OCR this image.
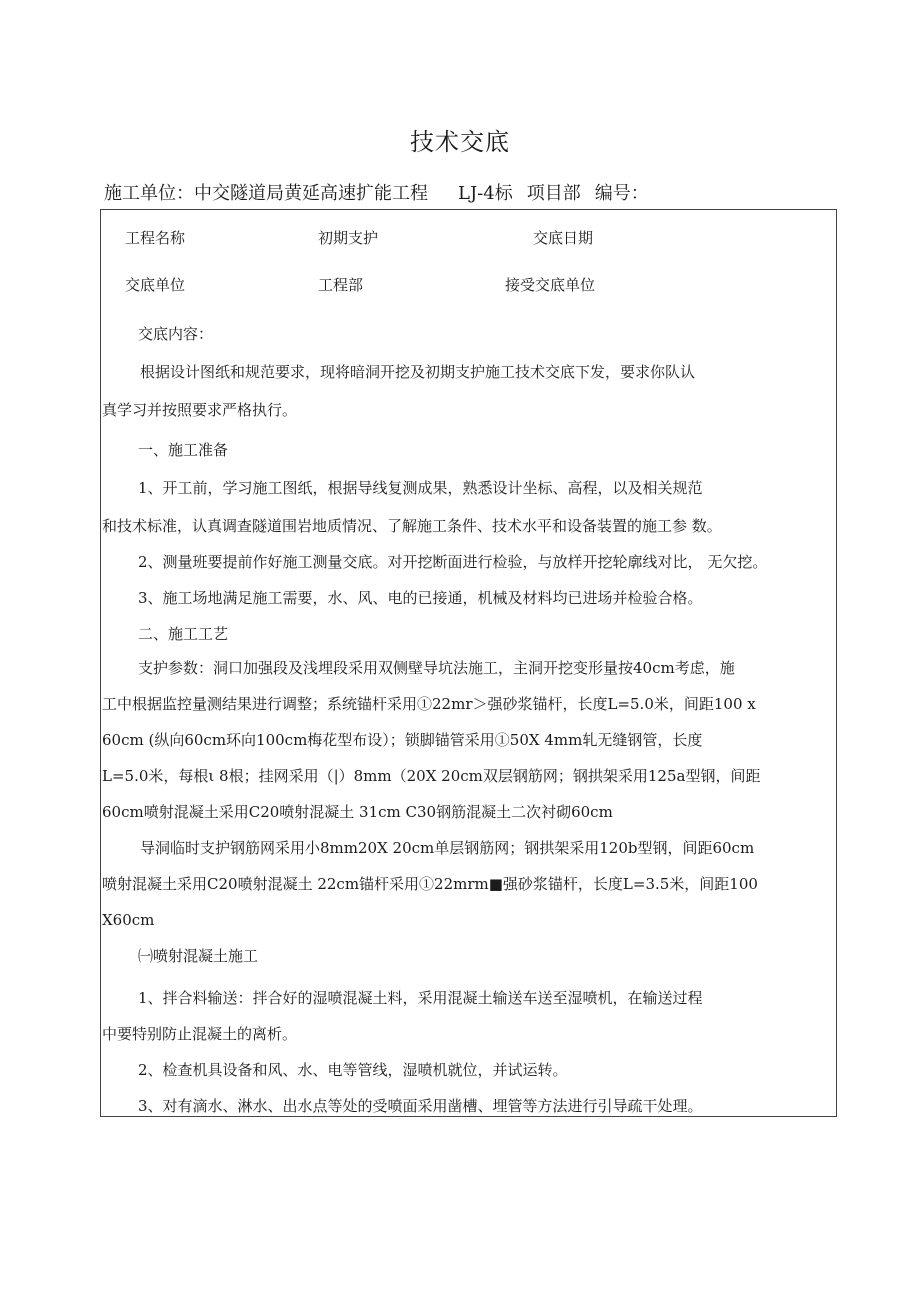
技术交底
施工单位：中交隧道局黄延高速扩能工程 LJ-4标 项目部 编号：
工程名称	初期支护	交底日期
交底单位	工程部	接受交底单位
交底内容：
根据设计图纸和规范要求，现将暗洞开挖及初期支护施工技术交底下发，要求你队认
真学习并按照要求严格执行。
一、施工准备
1、开工前，学习施工图纸，根据导线复测成果，熟悉设计坐标、高程，以及相关规范
和技术标准，认真调查隧道围岩地质情况、了解施工条件、技术水平和设备装置的施工参 数。
2、测量班要提前作好施工测量交底。对开挖断面进行检验，与放样开挖轮廓线对比， 无欠挖。
3、施工场地满足施工需要，水、风、电的已接通，机械及材料均已进场并检验合格。
二、施工工艺
支护参数：洞口加强段及浅埋段采用双侧壁导坑法施工，主洞开挖变形量按40cm考虑，施
工中根据监控量测结果进行调整；系统锚杆采用①22mr＞强砂浆锚杆，长度L=5.0米，间距100 x
60cm (纵向60cm环向100cm梅花型布设）；锁脚锚管采用①50X 4mm轧无缝钢管，长度
L=5.0米，每根ι 8根；挂网采用（|）8mm（20X 20cm双层钢筋网；钢拱架采用125a型钢，间距
60cm喷射混凝土采用C20喷射混凝土 31cm C30钢筋混凝土二次衬砌60cm
导洞临时支护钢筋网采用小8mm20X 20cm单层钢筋网；钢拱架采用120b型钢，间距60cm
喷射混凝土采用C20喷射混凝土 22cm锚杆采用①22mrm■强砂浆锚杆，长度L=3.5米，间距100
X60cm
㈠喷射混凝土施工
1、拌合料输送：拌合好的湿喷混凝土料，采用混凝土输送车送至湿喷机，在输送过程
中要特别防止混凝土的离析。
2、检查机具设备和风、水、电等管线，湿喷机就位，并试运转。
3、对有滴水、淋水、出水点等处的受喷面采用凿槽、埋管等方法进行引导疏干处理。
